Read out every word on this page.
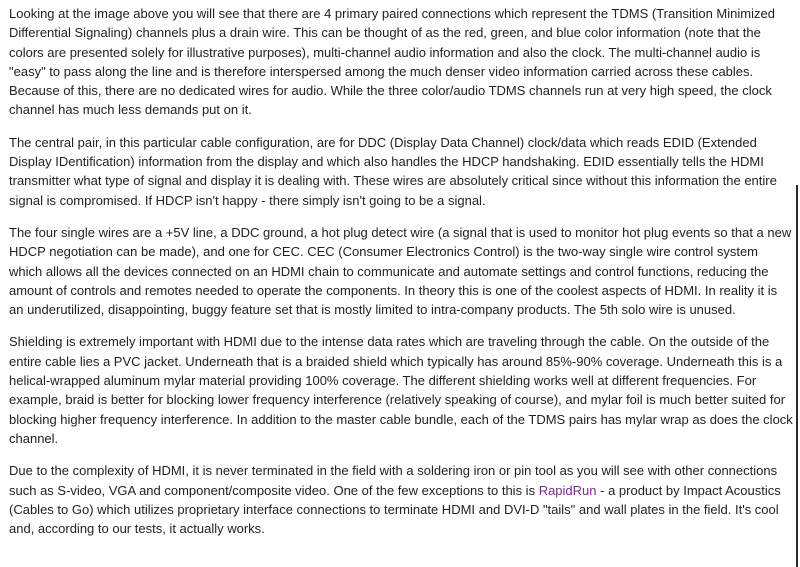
Looking at the image above you will see that there are 4 primary paired connections which represent the TDMS (Transition Minimized Differential Signaling) channels plus a drain wire. This can be thought of as the red, green, and blue color information (note that the colors are presented solely for illustrative purposes), multi-channel audio information and also the clock. The multi-channel audio is "easy" to pass along the line and is therefore interspersed among the much denser video information carried across these cables. Because of this, there are no dedicated wires for audio. While the three color/audio TDMS channels run at very high speed, the clock channel has much less demands put on it.

The central pair, in this particular cable configuration, are for DDC (Display Data Channel) clock/data which reads EDID (Extended Display IDentification) information from the display and which also handles the HDCP handshaking. EDID essentially tells the HDMI transmitter what type of signal and display it is dealing with. These wires are absolutely critical since without this information the entire signal is compromised. If HDCP isn't happy - there simply isn't going to be a signal.

The four single wires are a +5V line, a DDC ground, a hot plug detect wire (a signal that is used to monitor hot plug events so that a new HDCP negotiation can be made), and one for CEC. CEC (Consumer Electronics Control) is the two-way single wire control system which allows all the devices connected on an HDMI chain to communicate and automate settings and control functions, reducing the amount of controls and remotes needed to operate the components. In theory this is one of the coolest aspects of HDMI. In reality it is an underutilized, disappointing, buggy feature set that is mostly limited to intra-company products. The 5th solo wire is unused.

Shielding is extremely important with HDMI due to the intense data rates which are traveling through the cable. On the outside of the entire cable lies a PVC jacket. Underneath that is a braided shield which typically has around 85%-90% coverage. Underneath this is a helical-wrapped aluminum mylar material providing 100% coverage. The different shielding works well at different frequencies. For example, braid is better for blocking lower frequency interference (relatively speaking of course), and mylar foil is much better suited for blocking higher frequency interference. In addition to the master cable bundle, each of the TDMS pairs has mylar wrap as does the clock channel.

Due to the complexity of HDMI, it is never terminated in the field with a soldering iron or pin tool as you will see with other connections such as S-video, VGA and component/composite video. One of the few exceptions to this is RapidRun - a product by Impact Acoustics (Cables to Go) which utilizes proprietary interface connections to terminate HDMI and DVI-D "tails" and wall plates in the field. It's cool and, according to our tests, it actually works.
